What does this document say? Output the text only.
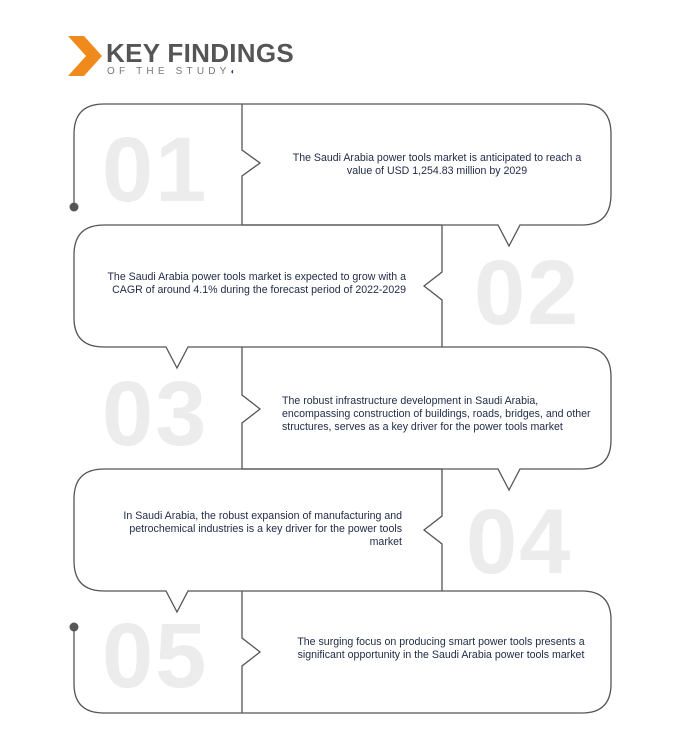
KEY FINDINGS
OF THE STUDY◐
01	The Saudi Arabia power tools market is anticipated to reach a value of USD 1,254.83 million by 2029
02
The Saudi Arabia power tools market is expected to grow with a CAGR of around 4.1% during the forecast period of 2022-2029
03	The robust infrastructure development in Saudi Arabia, encompassing construction of buildings, roads, bridges, and other structures, serves as a key driver for the power tools market
04
In Saudi Arabia, the robust expansion of manufacturing and petrochemical industries is a key driver for the power tools market
05	The surging focus on producing smart power tools presents a significant opportunity in the Saudi Arabia power tools market
